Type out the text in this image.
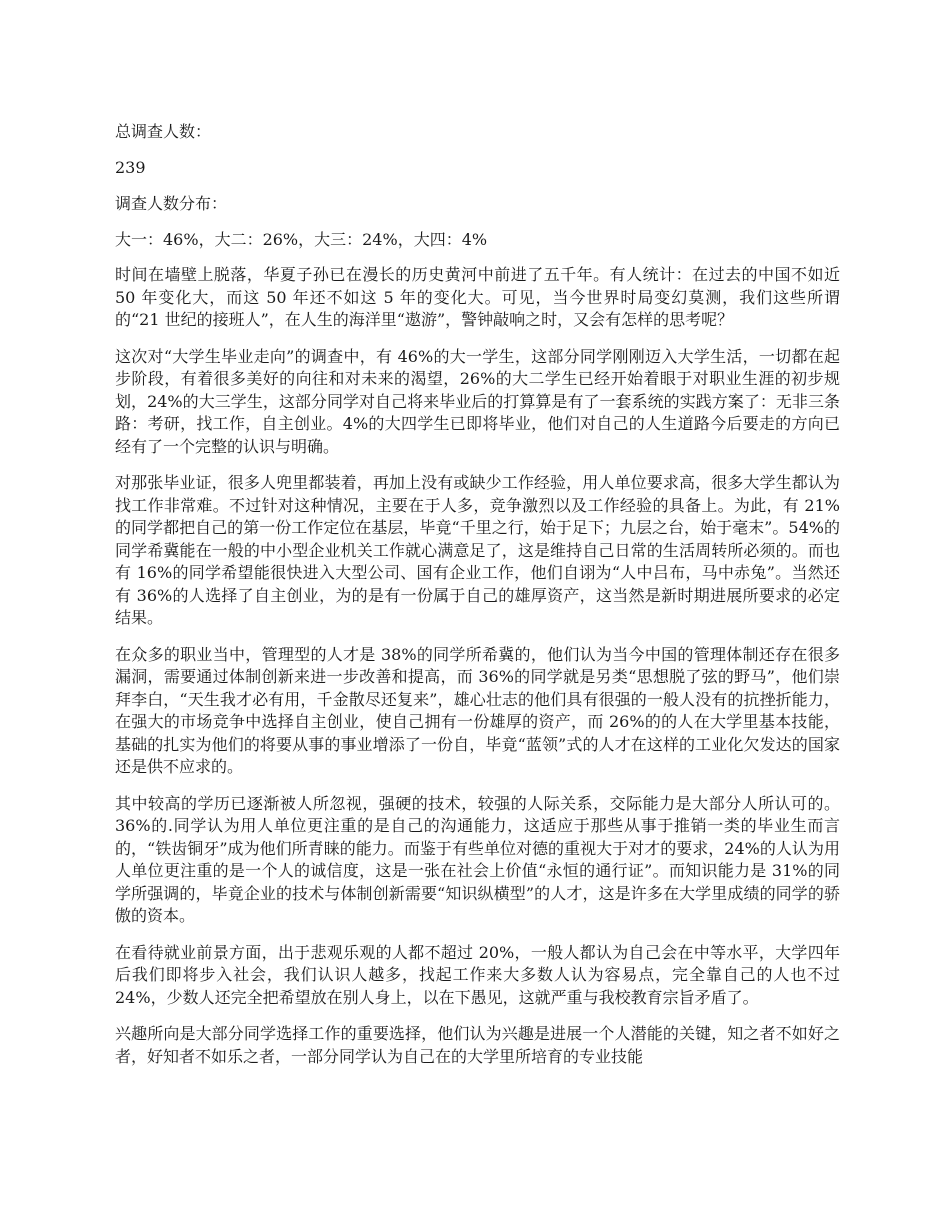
总调查人数：
239
调查人数分布：
大一：46%，大二：26%，大三：24%，大四：4%

时间在墙壁上脱落，华夏子孙已在漫长的历史黄河中前进了五千年。有人统计：在过去的中国不如近 50 年变化大，而这 50 年还不如这 5 年的变化大。可见，当今世界时局变幻莫测，我们这些所谓的“21 世纪的接班人”，在人生的海洋里“遨游”，警钟敲响之时，又会有怎样的思考呢？

这次对“大学生毕业走向”的调查中，有 46%的大一学生，这部分同学刚刚迈入大学生活，一切都在起步阶段，有着很多美好的向往和对未来的渴望，26%的大二学生已经开始着眼于对职业生涯的初步规划，24%的大三学生，这部分同学对自己将来毕业后的打算算是有了一套系统的实践方案了：无非三条路：考研，找工作，自主创业。4%的大四学生已即将毕业，他们对自己的人生道路今后要走的方向已经有了一个完整的认识与明确。

对那张毕业证，很多人兜里都装着，再加上没有或缺少工作经验，用人单位要求高，很多大学生都认为找工作非常难。不过针对这种情况，主要在于人多，竞争激烈以及工作经验的具备上。为此，有 21%的同学都把自己的第一份工作定位在基层，毕竟“千里之行，始于足下；九层之台，始于毫末”。54%的同学希冀能在一般的中小型企业机关工作就心满意足了，这是维持自己日常的生活周转所必须的。而也有 16%的同学希望能很快进入大型公司、国有企业工作，他们自诩为“人中吕布，马中赤兔”。当然还有 36%的人选择了自主创业，为的是有一份属于自己的雄厚资产，这当然是新时期进展所要求的必定结果。

在众多的职业当中，管理型的人才是 38%的同学所希冀的，他们认为当今中国的管理体制还存在很多漏洞，需要通过体制创新来进一步改善和提高，而 36%的同学就是另类“思想脱了弦的野马”，他们崇拜李白，“天生我才必有用，千金散尽还复来”，雄心壮志的他们具有很强的一般人没有的抗挫折能力，在强大的市场竞争中选择自主创业，使自己拥有一份雄厚的资产，而 26%的的人在大学里基本技能，基础的扎实为他们的将要从事的事业增添了一份自，毕竟“蓝领”式的人才在这样的工业化欠发达的国家还是供不应求的。

其中较高的学历已逐渐被人所忽视，强硬的技术，较强的人际关系，交际能力是大部分人所认可的。36%的.同学认为用人单位更注重的是自己的沟通能力，这适应于那些从事于推销一类的毕业生而言的，“铁齿铜牙”成为他们所青睐的能力。而鉴于有些单位对德的重视大于对才的要求，24%的人认为用人单位更注重的是一个人的诚信度，这是一张在社会上价值“永恒的通行证”。而知识能力是 31%的同学所强调的，毕竟企业的技术与体制创新需要“知识纵横型”的人才，这是许多在大学里成绩的同学的骄傲的资本。

在看待就业前景方面，出于悲观乐观的人都不超过 20%，一般人都认为自己会在中等水平，大学四年后我们即将步入社会，我们认识人越多，找起工作来大多数人认为容易点，完全靠自己的人也不过 24%，少数人还完全把希望放在别人身上，以在下愚见，这就严重与我校教育宗旨矛盾了。

兴趣所向是大部分同学选择工作的重要选择，他们认为兴趣是进展一个人潜能的关键，知之者不如好之者，好知者不如乐之者，一部分同学认为自己在的大学里所培育的专业技能
